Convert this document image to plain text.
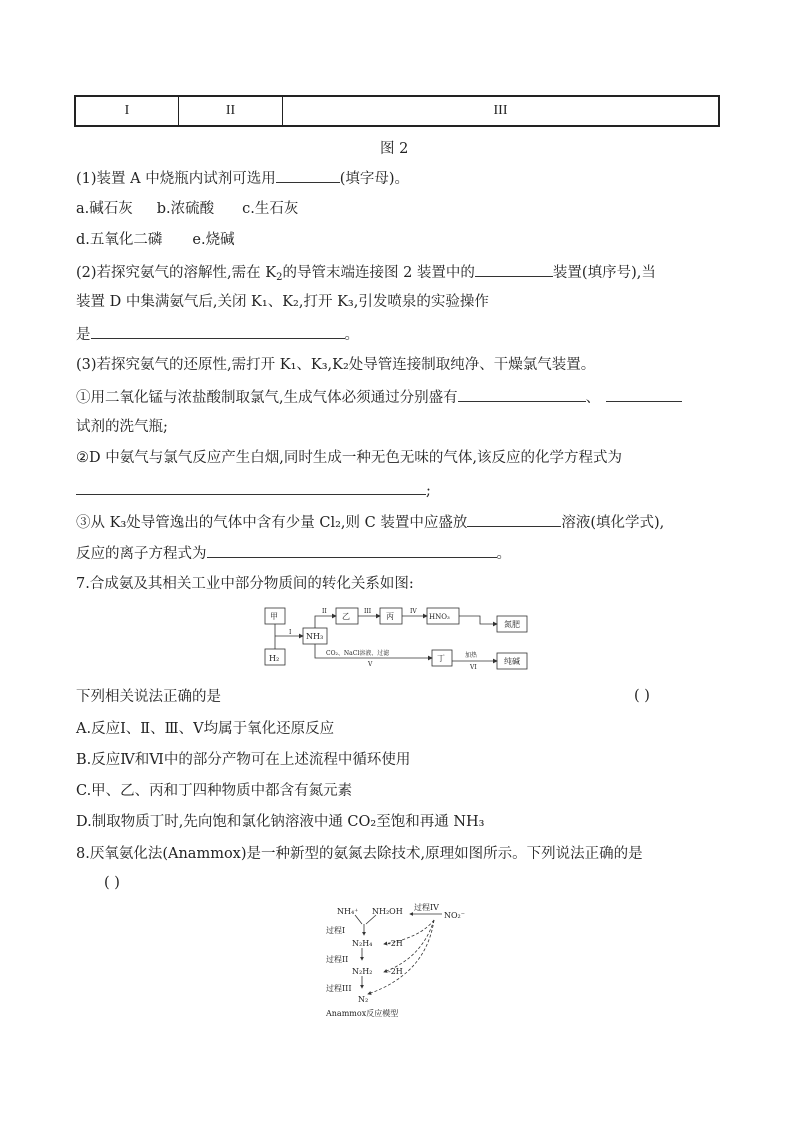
I	II	III
图 2
(1)装置 A 中烧瓶内试剂可选用	(填字母)。
a.碱石灰 b.浓硫酸 c.生石灰
d.五氧化二磷 e.烧碱
(2)若探究氨气的溶解性,需在 $K_2$的导管末端连接图 2 装置中的	装置(填序号),当
装置 D 中集满氨气后,关闭 K₁、K₂,打开 K₃,引发喷泉的实验操作
是	。
(3)若探究氨气的还原性,需打开 K₁、K₃,K₂处导管连接制取纯净、干燥氯气装置。
①用二氧化锰与浓盐酸制取氯气,生成气体必须通过分别盛有	、
试剂的洗气瓶;
②D 中氨气与氯气反应产生白烟,同时生成一种无色无味的气体,该反应的化学方程式为
;
③从 K₃处导管逸出的气体中含有少量 Cl₂,则 C 装置中应盛放	溶液(填化学式),
反应的离子方程式为	。
7.合成氨及其相关工业中部分物质间的转化关系如图:
甲
H₂
NH₃
乙	丙	HNO₃
氮肥
丁	纯碱
I
II	III	IV
CO₂、NaCl溶液、过滤
V
加热
VI
下列相关说法正确的是	( )
A.反应Ⅰ、Ⅱ、Ⅲ、Ⅴ均属于氧化还原反应
B.反应Ⅳ和Ⅵ中的部分产物可在上述流程中循环使用
C.甲、乙、丙和丁四种物质中都含有氮元素
D.制取物质丁时,先向饱和氯化钠溶液中通 CO₂至饱和再通 NH₃
8.厌氧氨化法(Anammox)是一种新型的氨氮去除技术,原理如图所示。下列说法正确的是
( )
NH₄⁺ NH₂OH 过程IV
NO₂⁻
过程I
N₂H₄ -2H
过程II
N₂H₂ -2H
过程III
N₂
Anammox反应模型
